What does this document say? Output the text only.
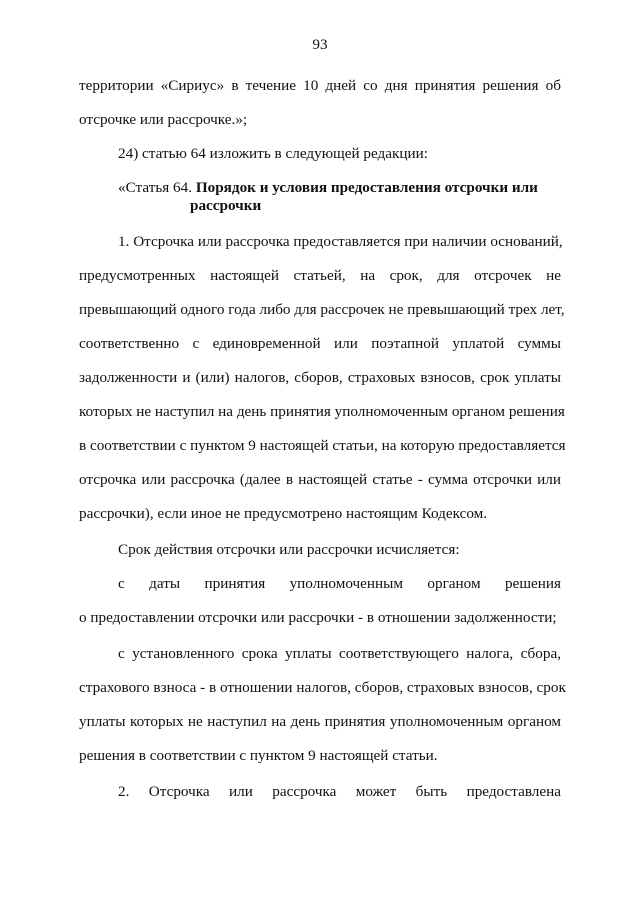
93
территории «Сириус» в течение 10 дней со дня принятия решения об
отсрочке или рассрочке.»;
24) статью 64 изложить в следующей редакции:
«Статья 64. Порядок и условия предоставления отсрочки или
рассрочки
1. Отсрочка или рассрочка предоставляется при наличии оснований,
предусмотренных настоящей статьей, на срок, для отсрочек не
превышающий одного года либо для рассрочек не превышающий трех лет,
соответственно с единовременной или поэтапной уплатой суммы
задолженности и (или) налогов, сборов, страховых взносов, срок уплаты
которых не наступил на день принятия уполномоченным органом решения
в соответствии с пунктом 9 настоящей статьи, на которую предоставляется
отсрочка или рассрочка (далее в настоящей статье - сумма отсрочки или
рассрочки), если иное не предусмотрено настоящим Кодексом.
Срок действия отсрочки или рассрочки исчисляется:
с даты принятия уполномоченным органом решения
о предоставлении отсрочки или рассрочки - в отношении задолженности;
с установленного срока уплаты соответствующего налога, сбора,
страхового взноса - в отношении налогов, сборов, страховых взносов, срок
уплаты которых не наступил на день принятия уполномоченным органом
решения в соответствии с пунктом 9 настоящей статьи.
2. Отсрочка или рассрочка может быть предоставлена
